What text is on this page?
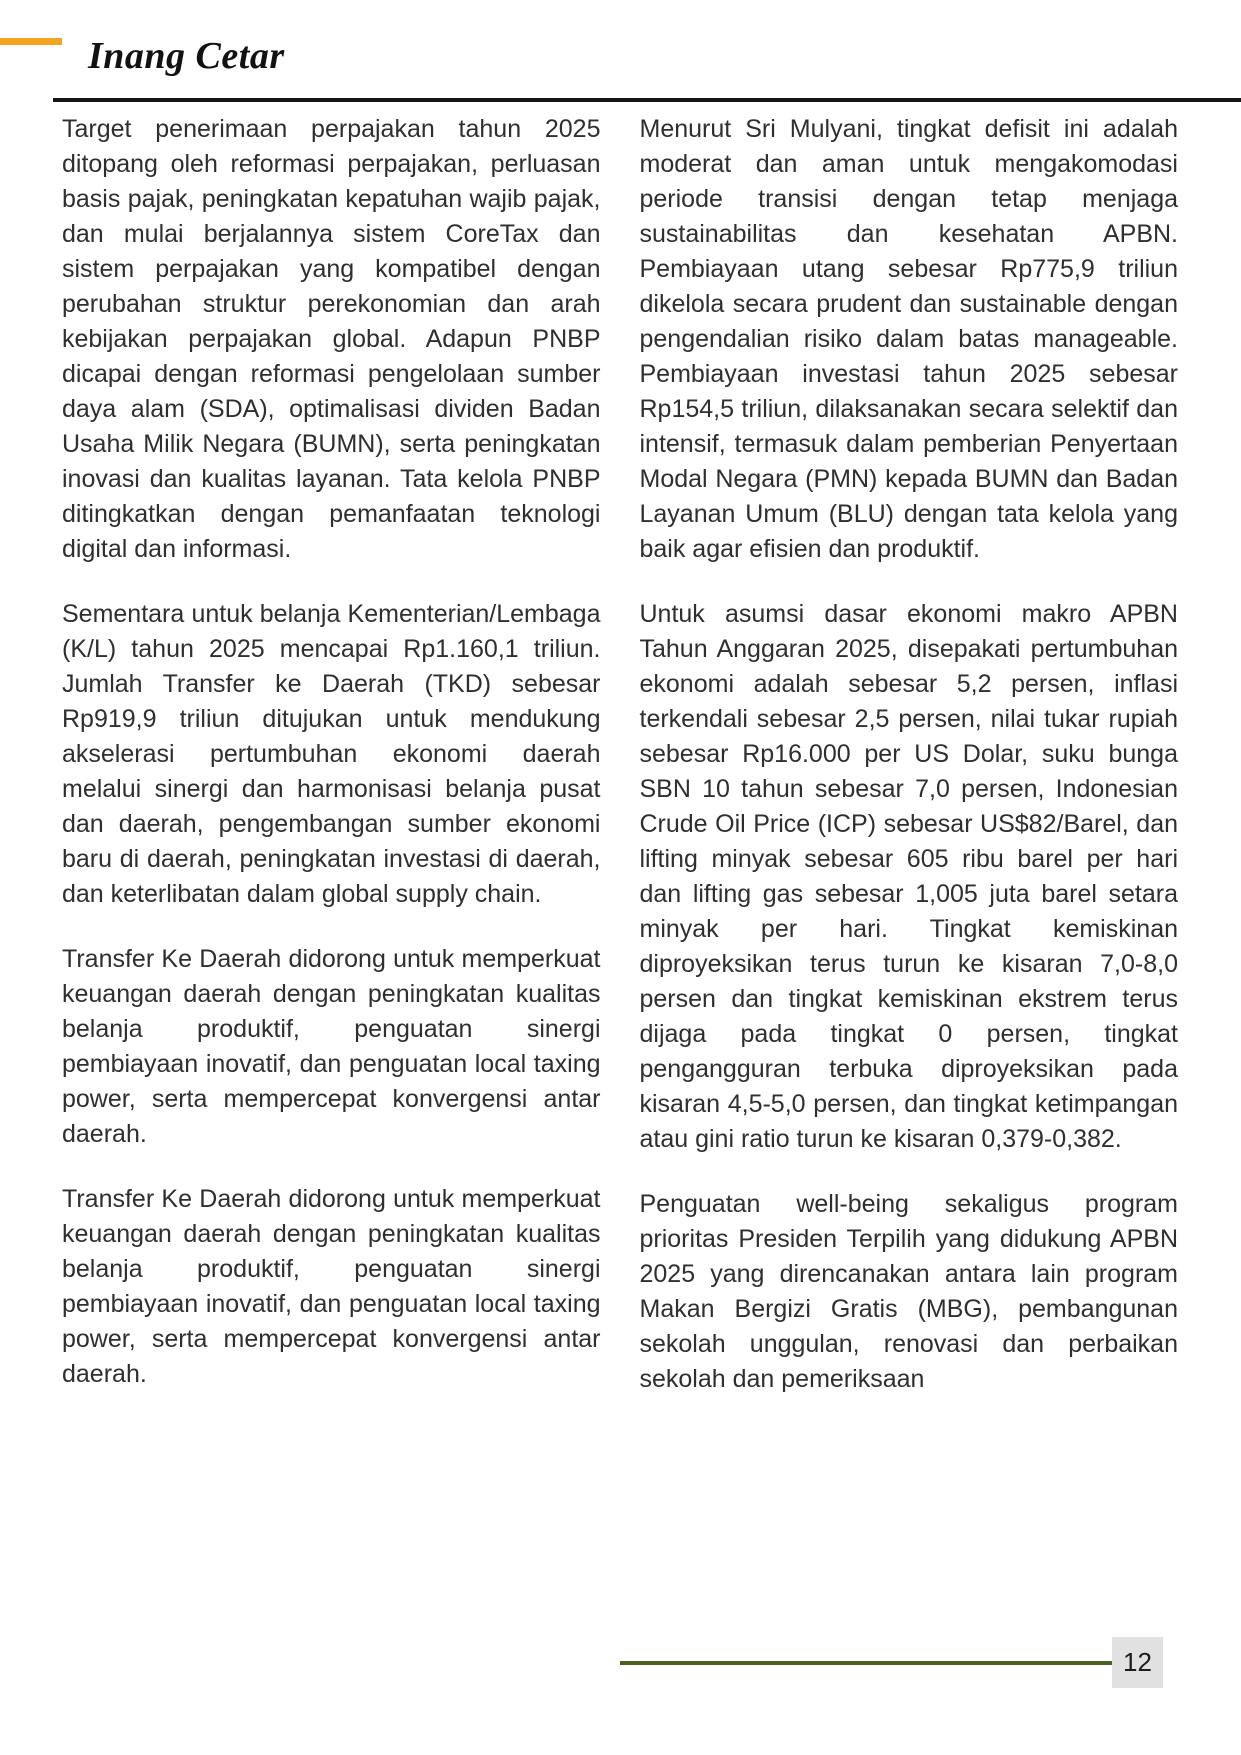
Inang Cetar

Target penerimaan perpajakan tahun 2025 ditopang oleh reformasi perpajakan, perluasan basis pajak, peningkatan kepatuhan wajib pajak, dan mulai berjalannya sistem CoreTax dan sistem perpajakan yang kompatibel dengan perubahan struktur perekonomian dan arah kebijakan perpajakan global. Adapun PNBP dicapai dengan reformasi pengelolaan sumber daya alam (SDA), optimalisasi dividen Badan Usaha Milik Negara (BUMN), serta peningkatan inovasi dan kualitas layanan. Tata kelola PNBP ditingkatkan dengan pemanfaatan teknologi digital dan informasi.

Sementara untuk belanja Kementerian/Lembaga (K/L) tahun 2025 mencapai Rp1.160,1 triliun. Jumlah Transfer ke Daerah (TKD) sebesar Rp919,9 triliun ditujukan untuk mendukung akselerasi pertumbuhan ekonomi daerah melalui sinergi dan harmonisasi belanja pusat dan daerah, pengembangan sumber ekonomi baru di daerah, peningkatan investasi di daerah, dan keterlibatan dalam global supply chain.

Transfer Ke Daerah didorong untuk memperkuat keuangan daerah dengan peningkatan kualitas belanja produktif, penguatan sinergi pembiayaan inovatif, dan penguatan local taxing power, serta mempercepat konvergensi antar daerah.

Transfer Ke Daerah didorong untuk memperkuat keuangan daerah dengan peningkatan kualitas belanja produktif, penguatan sinergi pembiayaan inovatif, dan penguatan local taxing power, serta mempercepat konvergensi antar daerah.

Menurut Sri Mulyani, tingkat defisit ini adalah moderat dan aman untuk mengakomodasi periode transisi dengan tetap menjaga sustainabilitas dan kesehatan APBN. Pembiayaan utang sebesar Rp775,9 triliun dikelola secara prudent dan sustainable dengan pengendalian risiko dalam batas manageable. Pembiayaan investasi tahun 2025 sebesar Rp154,5 triliun, dilaksanakan secara selektif dan intensif, termasuk dalam pemberian Penyertaan Modal Negara (PMN) kepada BUMN dan Badan Layanan Umum (BLU) dengan tata kelola yang baik agar efisien dan produktif.

Untuk asumsi dasar ekonomi makro APBN Tahun Anggaran 2025, disepakati pertumbuhan ekonomi adalah sebesar 5,2 persen, inflasi terkendali sebesar 2,5 persen, nilai tukar rupiah sebesar Rp16.000 per US Dolar, suku bunga SBN 10 tahun sebesar 7,0 persen, Indonesian Crude Oil Price (ICP) sebesar US$82/Barel, dan lifting minyak sebesar 605 ribu barel per hari dan lifting gas sebesar 1,005 juta barel setara minyak per hari. Tingkat kemiskinan diproyeksikan terus turun ke kisaran 7,0-8,0 persen dan tingkat kemiskinan ekstrem terus dijaga pada tingkat 0 persen, tingkat pengangguran terbuka diproyeksikan pada kisaran 4,5-5,0 persen, dan tingkat ketimpangan atau gini ratio turun ke kisaran 0,379-0,382.

Penguatan well-being sekaligus program prioritas Presiden Terpilih yang didukung APBN 2025 yang direncanakan antara lain program Makan Bergizi Gratis (MBG), pembangunan sekolah unggulan, renovasi dan perbaikan sekolah dan pemeriksaan

12
